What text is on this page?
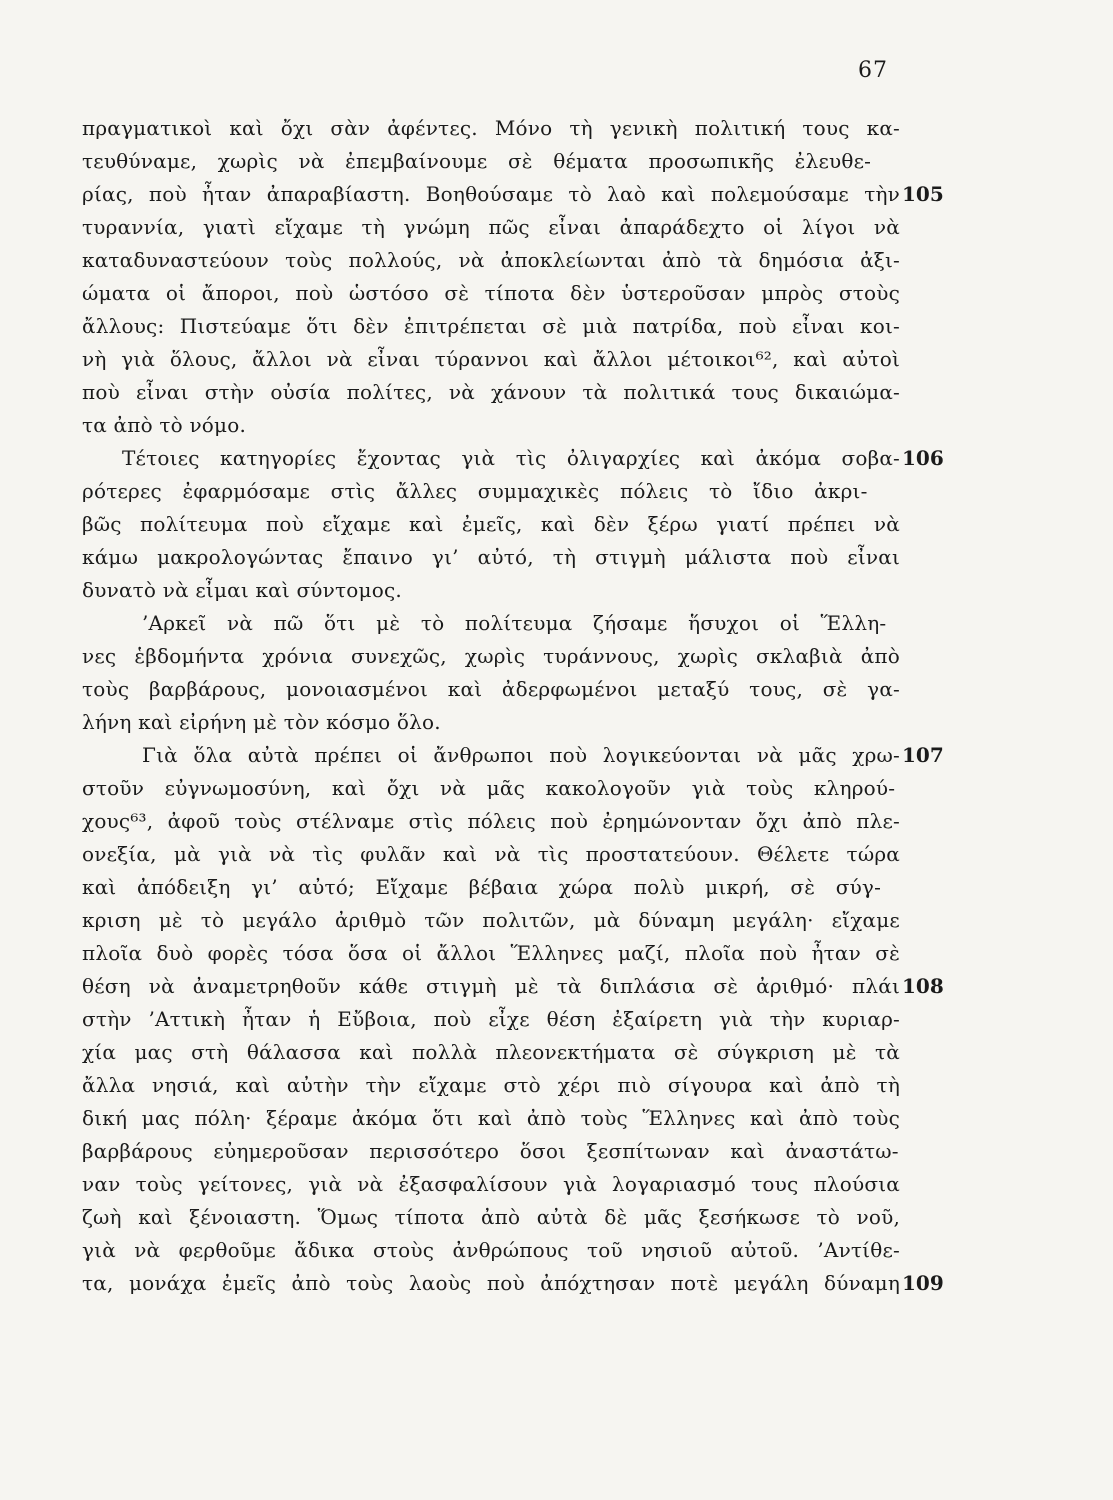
67
πραγματικοὶ καὶ ὄχι σὰν ἀφέντες. Μόνο τὴ γενικὴ πολιτική τους κα-
τευθύναμε, χωρὶς νὰ ἐπεμβαίνουμε σὲ θέματα προσωπικῆς ἐλευθε-
ρίας, ποὺ ἦταν ἀπαραβίαστη. Βοηθούσαμε τὸ λαὸ καὶ πολεμούσαμε τὴν
τυραννία, γιατὶ εἴχαμε τὴ γνώμη πῶς εἶναι ἀπαράδεχτο οἱ λίγοι νὰ
καταδυναστεύουν τοὺς πολλούς, νὰ ἀποκλείωνται ἀπὸ τὰ δημόσια ἀξι-
ώματα οἱ ἄποροι, ποὺ ὡστόσο σὲ τίποτα δὲν ὑστεροῦσαν μπρὸς στοὺς
ἄλλους: Πιστεύαμε ὅτι δὲν ἐπιτρέπεται σὲ μιὰ πατρίδα, ποὺ εἶναι κοι-
νὴ γιὰ ὅλους, ἄλλοι νὰ εἶναι τύραννοι καὶ ἄλλοι μέτοικοι⁶², καὶ αὐτοὶ
ποὺ εἶναι στὴν οὐσία πολίτες, νὰ χάνουν τὰ πολιτικά τους δικαιώμα-
τα ἀπὸ τὸ νόμο.
Τέτοιες κατηγορίες ἔχοντας γιὰ τὶς ὀλιγαρχίες καὶ ἀκόμα σοβα-
ρότερες ἐφαρμόσαμε στὶς ἄλλες συμμαχικὲς πόλεις τὸ ἴδιο ἀκρι-
βῶς πολίτευμα ποὺ εἴχαμε καὶ ἐμεῖς, καὶ δὲν ξέρω γιατί πρέπει νὰ
κάμω μακρολογώντας ἔπαινο γι’ αὐτό, τὴ στιγμὴ μάλιστα ποὺ εἶναι
δυνατὸ νὰ εἶμαι καὶ σύντομος.
’Αρκεῖ νὰ πῶ ὅτι μὲ τὸ πολίτευμα ζήσαμε ἥσυχοι οἱ Ἕλλη-
νες ἑβδομήντα χρόνια συνεχῶς, χωρὶς τυράννους, χωρὶς σκλαβιὰ ἀπὸ
τοὺς βαρβάρους, μονοιασμένοι καὶ ἀδερφωμένοι μεταξύ τους, σὲ γα-
λήνη καὶ εἰρήνη μὲ τὸν κόσμο ὅλο.
Γιὰ ὅλα αὐτὰ πρέπει οἱ ἄνθρωποι ποὺ λογικεύονται νὰ μᾶς χρω-
στοῦν εὐγνωμοσύνη, καὶ ὄχι νὰ μᾶς κακολογοῦν γιὰ τοὺς κληρού-
χους⁶³, ἀφοῦ τοὺς στέλναμε στὶς πόλεις ποὺ ἐρημώνονταν ὄχι ἀπὸ πλε-
ονεξία, μὰ γιὰ νὰ τὶς φυλᾶν καὶ νὰ τὶς προστατεύουν. Θέλετε τώρα
καὶ ἀπόδειξη γι’ αὐτό; Εἴχαμε βέβαια χώρα πολὺ μικρή, σὲ σύγ-
κριση μὲ τὸ μεγάλο ἀριθμὸ τῶν πολιτῶν, μὰ δύναμη μεγάλη· εἴχαμε
πλοῖα δυὸ φορὲς τόσα ὅσα οἱ ἄλλοι Ἕλληνες μαζί, πλοῖα ποὺ ἦταν σὲ
θέση νὰ ἀναμετρηθοῦν κάθε στιγμὴ μὲ τὰ διπλάσια σὲ ἀριθμό· πλάι
στὴν ’Αττικὴ ἦταν ἡ Εὔβοια, ποὺ εἶχε θέση ἐξαίρετη γιὰ τὴν κυριαρ-
χία μας στὴ θάλασσα καὶ πολλὰ πλεονεκτήματα σὲ σύγκριση μὲ τὰ
ἄλλα νησιά, καὶ αὐτὴν τὴν εἴχαμε στὸ χέρι πιὸ σίγουρα καὶ ἀπὸ τὴ
δική μας πόλη· ξέραμε ἀκόμα ὅτι καὶ ἀπὸ τοὺς Ἕλληνες καὶ ἀπὸ τοὺς
βαρβάρους εὐημεροῦσαν περισσότερο ὅσοι ξεσπίτωναν καὶ ἀναστάτω-
ναν τοὺς γείτονες, γιὰ νὰ ἐξασφαλίσουν γιὰ λογαριασμό τους πλούσια
ζωὴ καὶ ξένοιαστη. Ὅμως τίποτα ἀπὸ αὐτὰ δὲ μᾶς ξεσήκωσε τὸ νοῦ,
γιὰ νὰ φερθοῦμε ἄδικα στοὺς ἀνθρώπους τοῦ νησιοῦ αὐτοῦ. ’Αντίθε-
τα, μονάχα ἐμεῖς ἀπὸ τοὺς λαοὺς ποὺ ἀπόχτησαν ποτὲ μεγάλη δύναμη
105
106
107
108
109
